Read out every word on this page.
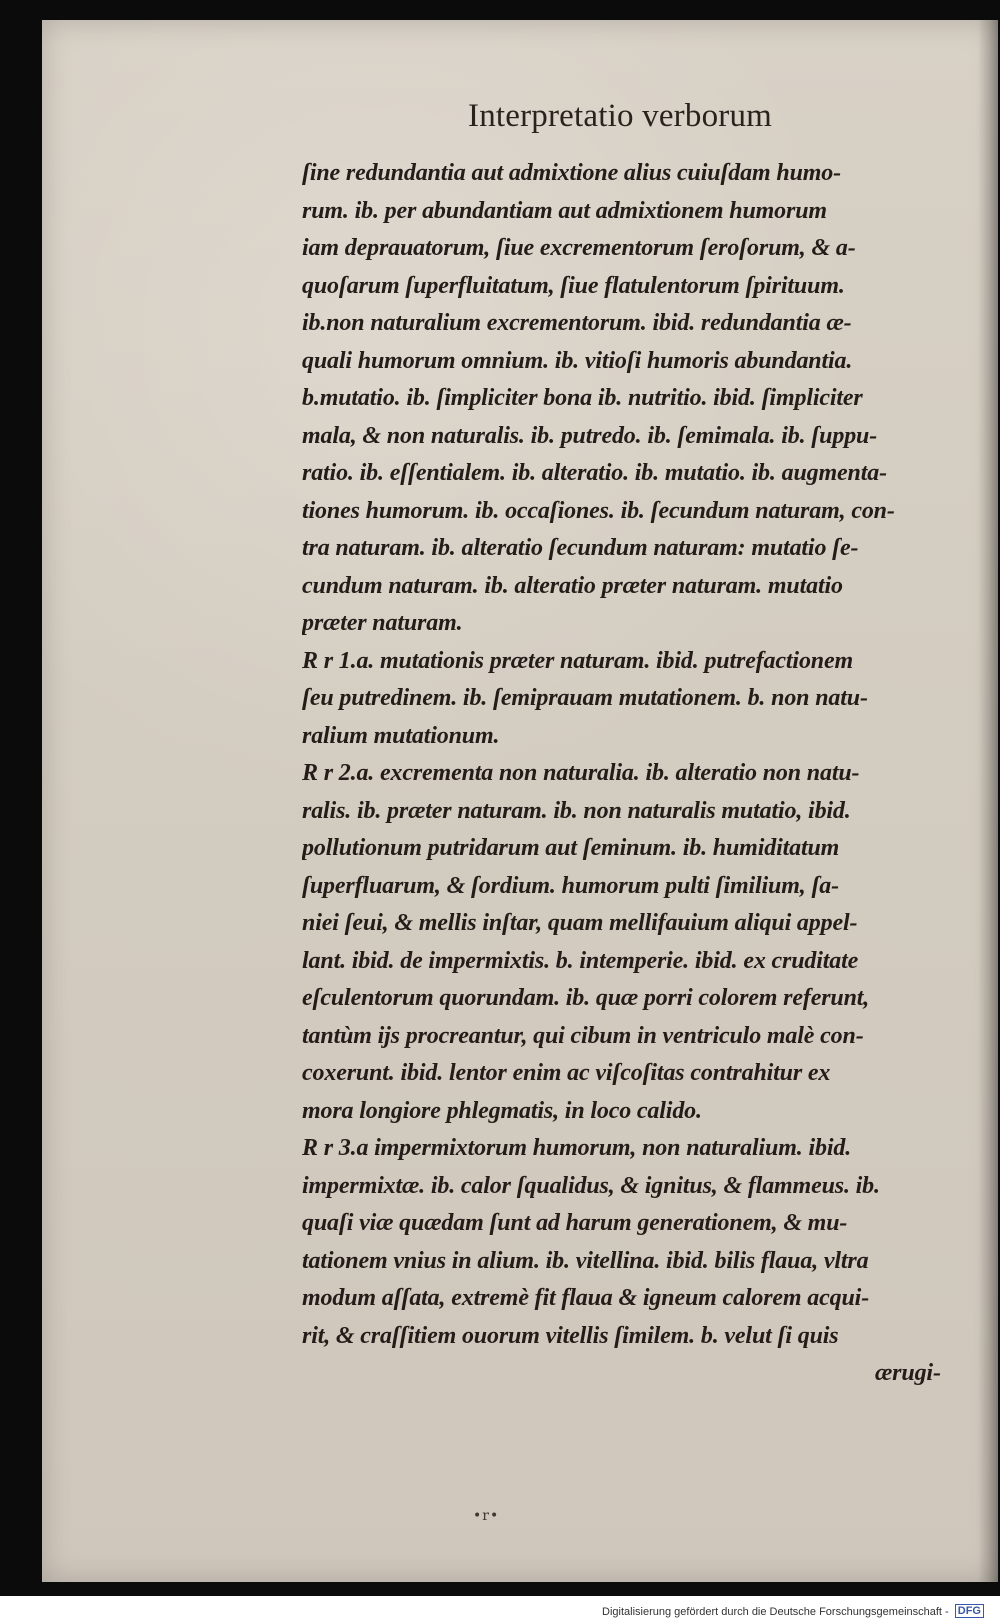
Interpretatio verborum
ſine redundantia aut admixtione alius cuiuſdam humo-
rum. ib. per abundantiam aut admixtionem humorum
iam deprauatorum, ſiue excrementorum ſeroſorum, & a-
quoſarum ſuperfluitatum, ſiue flatulentorum ſpirituum.
ib.non naturalium excrementorum. ibid. redundantia æ-
quali humorum omnium. ib. vitioſi humoris abundantia.
b.mutatio. ib. ſimpliciter bona ib. nutritio. ibid. ſimpliciter
mala, & non naturalis. ib. putredo. ib. ſemimala. ib. ſuppu-
ratio. ib. eſſentialem. ib. alteratio. ib. mutatio. ib. augmenta-
tiones humorum. ib. occaſiones. ib. ſecundum naturam, con-
tra naturam. ib. alteratio ſecundum naturam: mutatio ſe-
cundum naturam. ib. alteratio præter naturam. mutatio
præter naturam.
R r 1.a. mutationis præter naturam. ibid. putrefactionem
ſeu putredinem. ib. ſemiprauam mutationem. b. non natu-
ralium mutationum.
R r 2.a. excrementa non naturalia. ib. alteratio non natu-
ralis. ib. præter naturam. ib. non naturalis mutatio, ibid.
pollutionum putridarum aut ſeminum. ib. humiditatum
ſuperfluarum, & ſordium. humorum pulti ſimilium, ſa-
niei ſeui, & mellis inſtar, quam mellifauium aliqui appel-
lant. ibid. de impermixtis. b. intemperie. ibid. ex cruditate
eſculentorum quorundam. ib. quæ porri colorem referunt,
tantùm ijs procreantur, qui cibum in ventriculo malè con-
coxerunt. ibid. lentor enim ac viſcoſitas contrahitur ex
mora longiore phlegmatis, in loco calido.
R r 3.a impermixtorum humorum, non naturalium. ibid.
impermixtæ. ib. calor ſqualidus, & ignitus, & flammeus. ib.
quaſi viæ quædam ſunt ad harum generationem, & mu-
tationem vnius in alium. ib. vitellina. ibid. bilis flaua, vltra
modum aſſata, extremè fit flaua & igneum calorem acqui-
rit, & craſſitiem ouorum vitellis ſimilem. b. velut ſi quis
ærugi-
•r•
Digitalisierung gefördert durch die Deutsche Forschungsgemeinschaft - DFG
